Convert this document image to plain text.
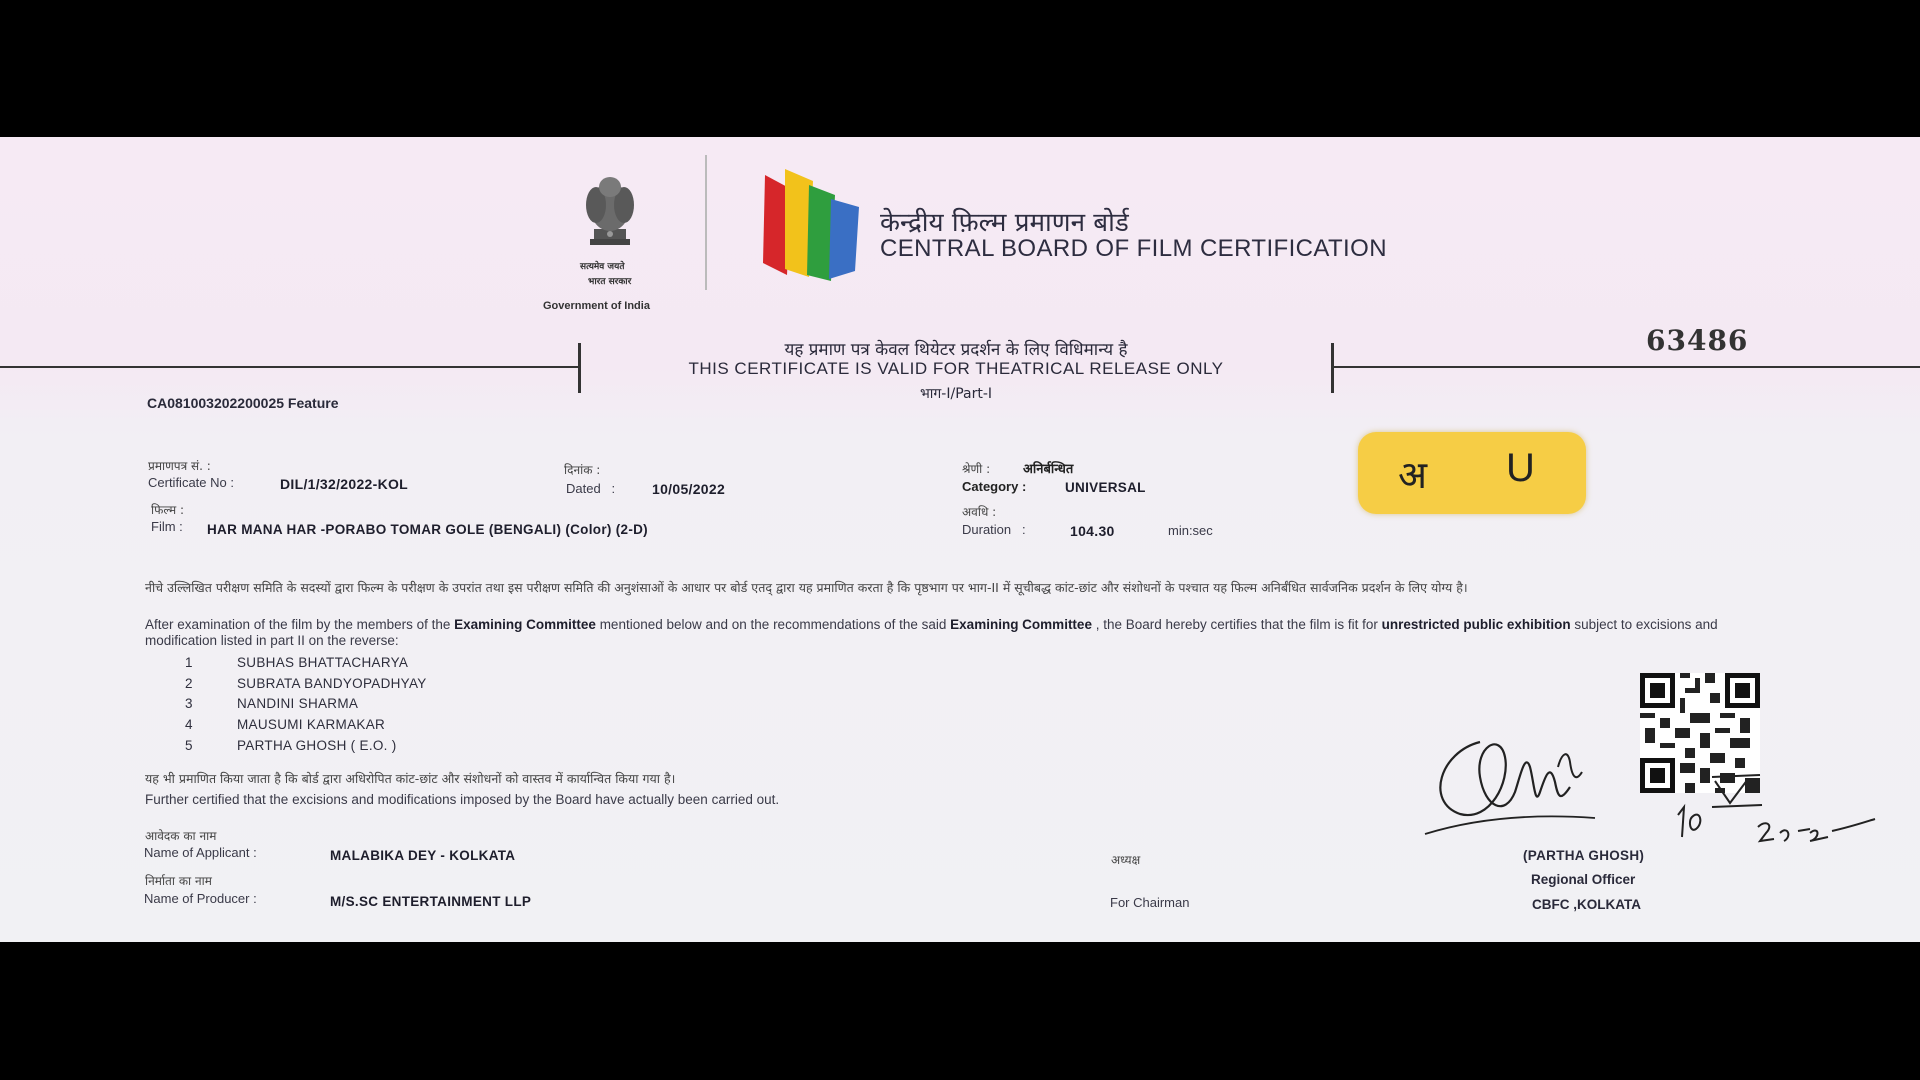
सत्यमेव जयते
भारत सरकार
Government of India
केन्द्रीय फ़िल्म प्रमाणन बोर्ड
CENTRAL BOARD OF FILM CERTIFICATION
यह प्रमाण पत्र केवल थियेटर प्रदर्शन के लिए विधिमान्य है
THIS CERTIFICATE IS VALID FOR THEATRICAL RELEASE ONLY
भाग-I/Part-I
63486
CA081003202200025 Feature
प्रमाणपत्र सं. :
Certificate No :	DIL/1/32/2022-KOL
दिनांक :
Dated   :	10/05/2022
श्रेणी :	अनिर्बन्धित
Category :	UNIVERSAL	अ U
फिल्म :
Film : HAR MANA HAR -PORABO TOMAR GOLE (BENGALI) (Color) (2-D)
अवधि :
Duration   :	104.30	min:sec
नीचे उल्लिखित परीक्षण समिति के सदस्यों द्वारा फिल्म के परीक्षण के उपरांत तथा इस परीक्षण समिति की अनुशंसाओं के आधार पर बोर्ड एतद् द्वारा यह प्रमाणित करता है कि पृष्ठभाग पर भाग-II में सूचीबद्ध कांट-छांट और संशोधनों के पश्चात यह फिल्म अनिर्बंधित सार्वजनिक प्रदर्शन के लिए योग्य है।
After examination of the film by the members of the Examining Committee mentioned below and on the recommendations of the said Examining Committee , the Board hereby certifies that the film is fit for unrestricted public exhibition subject to excisions and modification listed in part II on the reverse:
1	SUBHAS BHATTACHARYA
2	SUBRATA BANDYOPADHYAY
3	NANDINI SHARMA
4	MAUSUMI KARMAKAR
5	PARTHA GHOSH ( E.O. )
यह भी प्रमाणित किया जाता है कि बोर्ड द्वारा अधिरोपित कांट-छांट और संशोधनों को वास्तव में कार्यान्वित किया गया है।
Further certified that the excisions and modifications imposed by the Board have actually been carried out.
(PARTHA GHOSH)
Regional Officer
CBFC ,KOLKATA
आवेदक का नाम
Name of Applicant :	MALABIKA DEY - KOLKATA
निर्माता का नाम
Name of Producer :	M/S.SC ENTERTAINMENT LLP
अध्यक्ष
For Chairman
